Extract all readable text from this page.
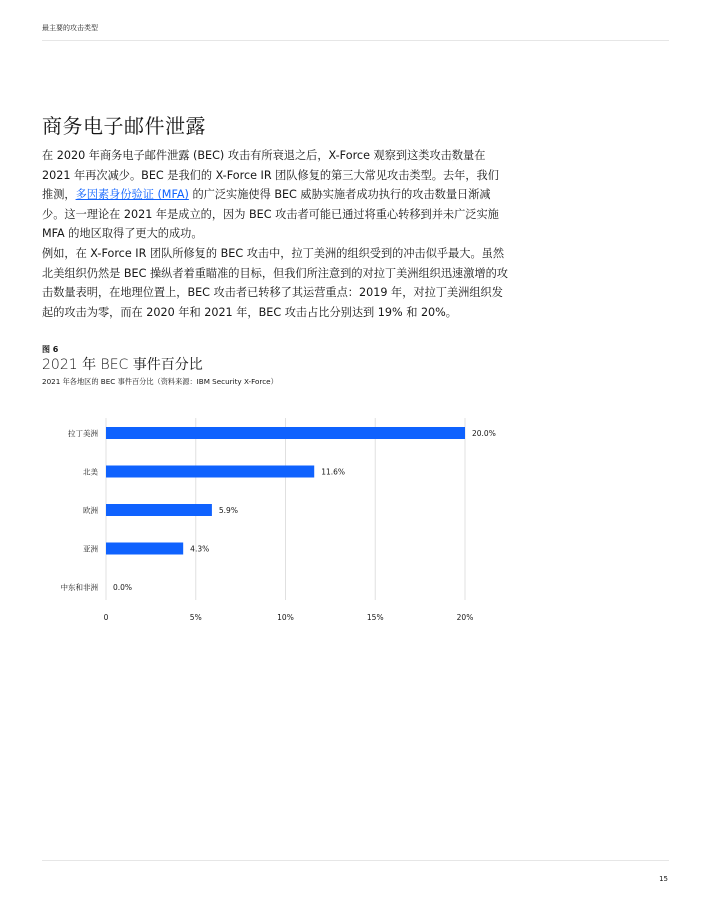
最主要的攻击类型
商务电子邮件泄露

在 2020 年商务电子邮件泄露 (BEC) 攻击有所衰退之后，X-Force 观察到这类攻击数量在 2021 年再次减少。BEC 是我们的 X-Force IR 团队修复的第三大常见攻击类型。去年，我们推测，多因素身份验证 (MFA) 的广泛实施使得 BEC 威胁实施者成功执行的攻击数量日渐减少。这一理论在 2021 年是成立的，因为 BEC 攻击者可能已通过将重心转移到并未广泛实施 MFA 的地区取得了更大的成功。

例如，在 X-Force IR 团队所修复的 BEC 攻击中，拉丁美洲的组织受到的冲击似乎最大。虽然北美组织仍然是 BEC 操纵者着重瞄准的目标，但我们所注意到的对拉丁美洲组织迅速激增的攻击数量表明，在地理位置上，BEC 攻击者已转移了其运营重点：2019 年，对拉丁美洲组织发起的攻击为零，而在 2020 年和 2021 年，BEC 攻击占比分别达到 19% 和 20%。

图 6
2021 年 BEC 事件百分比
2021 年各地区的 BEC 事件百分比（资料来源：IBM Security X-Force）
0	5%	10%	15%	20%
拉丁美洲	20.0%
北美	11.6%
欧洲	5.9%
亚洲	4.3%
中东和非洲 0.0%
15
